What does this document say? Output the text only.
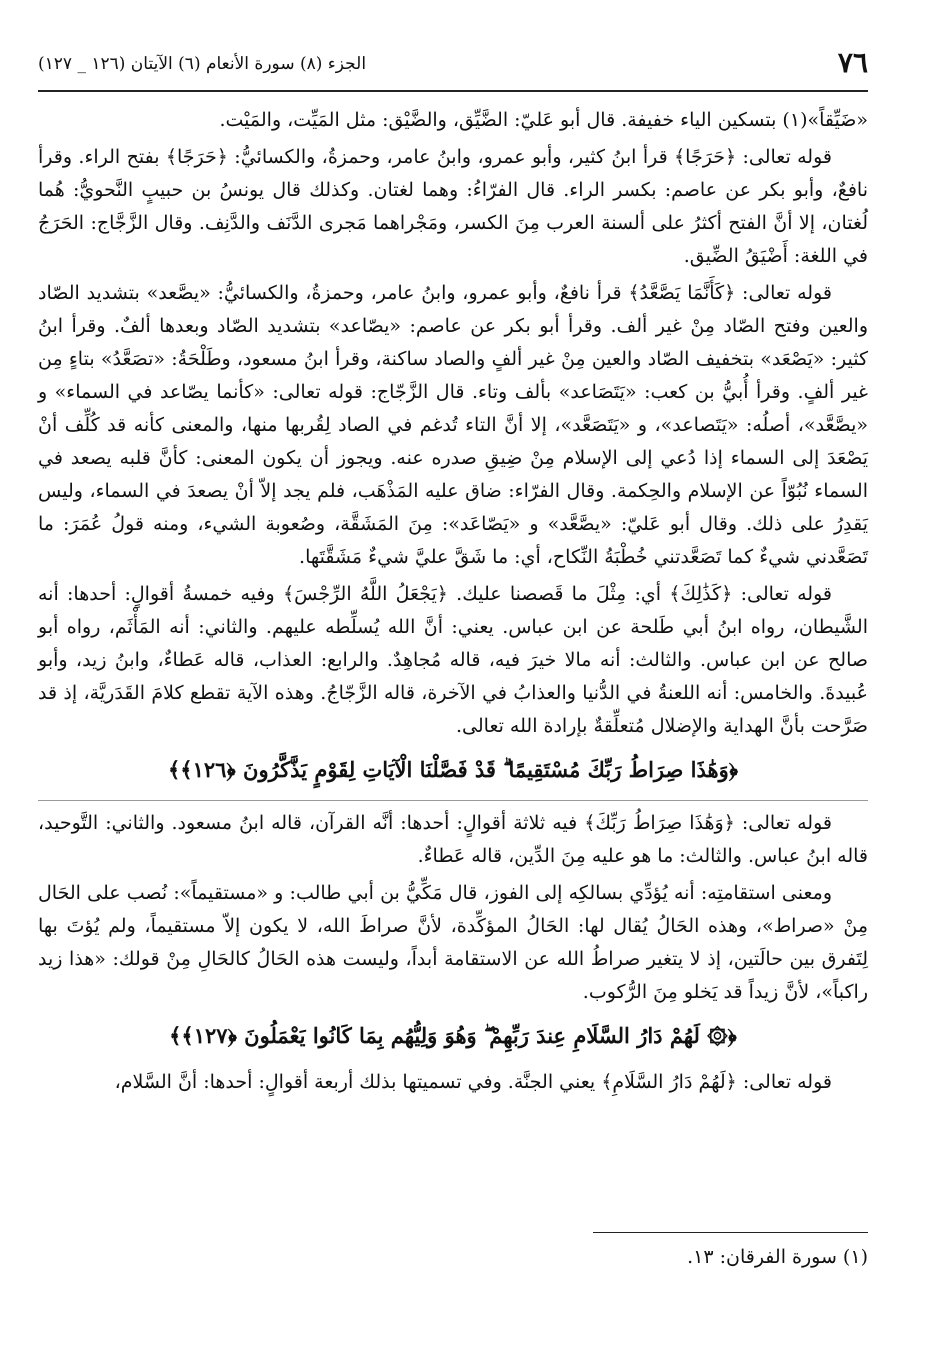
٧٦
الجزء (٨) سورة الأنعام (٦) الآيتان (١٢٦ _ ١٢٧)

«ضَيِّقاً»(١) بتسكين الياء خفيفة. قال أبو عَليّ: الضَّيِّق، والضَّيْق: مثل المَيِّت، والمَيْت.

قوله تعالى: ﴿حَرَجًا﴾ قرأ ابنُ كثير، وأبو عمرو، وابنُ عامر، وحمزةُ، والكسائيُّ: ﴿حَرَجًا﴾ بفتح الراء. وقرأ نافعٌ، وأبو بكر عن عاصم: بكسر الراء. قال الفرّاءُ: وهما لغتان. وكذلك قال يونسُ بن حبيبٍ النَّحويُّ: هُما لُغتان، إلا أنَّ الفتح أكثرُ على ألسنة العرب مِنَ الكسر، ومَجْراهما مَجرى الدَّنَف والدَّنِف. وقال الزَّجَّاج: الحَرَجُ في اللغة: أَضْيَقُ الضِّيق.

قوله تعالى: ﴿كَأَنَّمَا يَصَّعَّدُ﴾ قرأ نافعٌ، وأبو عمرو، وابنُ عامر، وحمزةُ، والكسائيُّ: «يصَّعد» بتشديد الصّاد والعين وفتح الصّاد مِنْ غير ألف. وقرأ أبو بكر عن عاصم: «يصّاعد» بتشديد الصّاد وبعدها ألفٌ. وقرأ ابنُ كثير: «يَصْعَد» بتخفيف الصّاد والعين مِنْ غير ألفٍ والصاد ساكنة، وقرأ ابنُ مسعود، وطَلْحَةُ: «تصَعَّدُ» بتاءٍ مِن غير ألفٍ. وقرأ أُبيُّ بن كعب: «يَتَصَاعد» بألف وتاء. قال الزَّجّاج: قوله تعالى: «كأنما يصّاعد في السماء» و «يصَّعَّد»، أصلُه: «يَتَصاعد»، و «يَتَصَعَّد»، إلا أنَّ التاء تُدغم في الصاد لِقُربها منها، والمعنى كأنه قد كُلِّف أنْ يَصْعَدَ إلى السماء إذا دُعي إلى الإسلام مِنْ ضِيقِ صدره عنه. ويجوز أن يكون المعنى: كأنَّ قلبه يصعد في السماء نُبُوّاً عن الإسلام والحِكمة. وقال الفرّاء: ضاق عليه المَذْهَب، فلم يجد إلاّ أنْ يصعدَ في السماء، وليس يَقدِرُ على ذلك. وقال أبو عَليّ: «يصَّعَّد» و «يَصّاعَد»: مِنَ المَشَقَّة، وصُعوبة الشيء، ومنه قولُ عُمَرَ: ما تَصَعَّدني شيءٌ كما تَصَعَّدتني خُطْبَةُ النِّكاح، أي: ما شَقَّ عليَّ شيءٌ مَشَقَّتَها.

قوله تعالى: ﴿كَذَٰلِكَ﴾ أي: مِثْلَ ما قَصصنا عليك. ﴿يَجْعَلُ اللَّهُ الرِّجْسَ﴾ وفيه خمسةُ أقوالٍ: أحدها: أنه الشَّيطان، رواه ابنُ أبي طَلحة عن ابن عباس. يعني: أنَّ الله يُسلِّطه عليهم. والثاني: أنه المَأْثَم، رواه أبو صالح عن ابن عباس. والثالث: أنه مالا خيرَ فيه، قاله مُجاهِدٌ. والرابع: العذاب، قاله عَطاءٌ، وابنُ زيد، وأبو عُبيدةَ. والخامس: أنه اللعنةُ في الدُّنيا والعذابُ في الآخرة، قاله الزَّجّاجُ. وهذه الآية تقطع كلامَ القَدَريَّة، إذ قد صَرَّحت بأنَّ الهداية والإضلال مُتعلِّقةٌ بإرادة الله تعالى.

﴿وَهَٰذَا صِرَاطُ رَبِّكَ مُسْتَقِيمًا ۗ قَدْ فَصَّلْنَا الْآيَاتِ لِقَوْمٍ يَذَّكَّرُونَ ﴿١٢٦﴾﴾

قوله تعالى: ﴿وَهَٰذَا صِرَاطُ رَبِّكَ﴾ فيه ثلاثة أقوالٍ: أحدها: أنَّه القرآن، قاله ابنُ مسعود. والثاني: التَّوحيد، قاله ابنُ عباس. والثالث: ما هو عليه مِنَ الدِّين، قاله عَطاءٌ.

ومعنى استقامتِه: أنه يُؤدِّي بسالكِه إلى الفوز، قال مَكِّيُّ بن أبي طالب: و «مستقيماً»: نُصب على الحَال مِنْ «صراط»، وهذه الحَالُ يُقال لها: الحَالُ المؤكِّدة، لأنَّ صراطَ الله، لا يكون إلاّ مستقيماً، ولم يُؤتَ بها لِتَفرق بين حالَتين، إذ لا يتغير صراطُ الله عن الاستقامة أبداً، وليست هذه الحَالُ كالحَالِ مِنْ قولك: «هذا زيد راكباً»، لأنَّ زيداً قد يَخلو مِنَ الرُّكوب.

﴿۞ لَهُمْ دَارُ السَّلَامِ عِندَ رَبِّهِمْ ۖ وَهُوَ وَلِيُّهُم بِمَا كَانُوا يَعْمَلُونَ ﴿١٢٧﴾﴾

قوله تعالى: ﴿لَهُمْ دَارُ السَّلَامِ﴾ يعني الجنَّة. وفي تسميتها بذلك أربعة أقوالٍ: أحدها: أنَّ السَّلام،

(١) سورة الفرقان: ١٣.
